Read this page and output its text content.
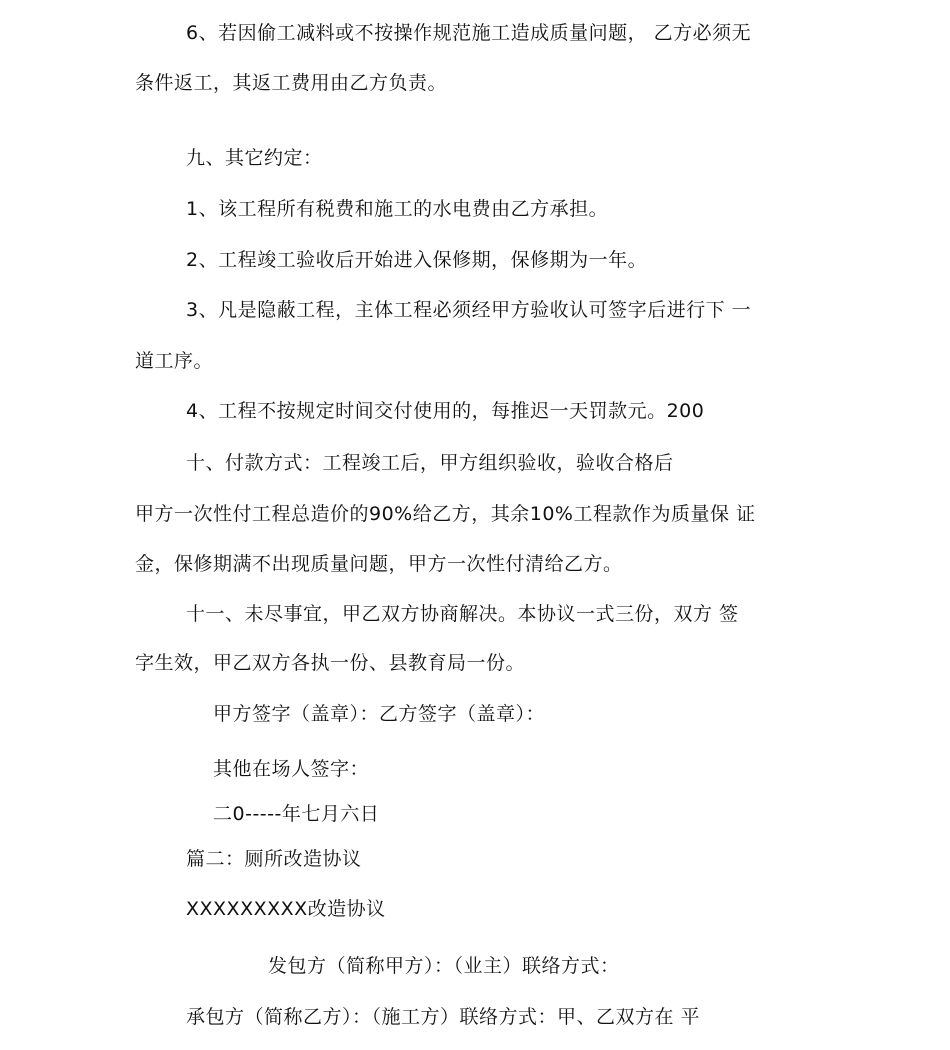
6、若因偷工减料或不按操作规范施工造成质量问题， 乙方必须无
条件返工，其返工费用由乙方负责。
九、其它约定：
1、该工程所有税费和施工的水电费由乙方承担。
2、工程竣工验收后开始进入保修期，保修期为一年。
3、凡是隐蔽工程，主体工程必须经甲方验收认可签字后进行下 一
道工序。
4、工程不按规定时间交付使用的，每推迟一天罚款元。200
十、付款方式：工程竣工后，甲方组织验收，验收合格后
甲方一次性付工程总造价的90%给乙方，其余10%工程款作为质量保 证
金，保修期满不出现质量问题，甲方一次性付清给乙方。
十一、未尽事宜，甲乙双方协商解决。本协议一式三份，双方 签
字生效，甲乙双方各执一份、县教育局一份。
甲方签字（盖章）：乙方签字（盖章）：
其他在场人签字：
二0-----年七月六日
篇二：厕所改造协议
XXXXXXXXX改造协议
发包方（简称甲方）：（业主）联络方式：
承包方（简称乙方）：（施工方）联络方式：甲、乙双方在 平
